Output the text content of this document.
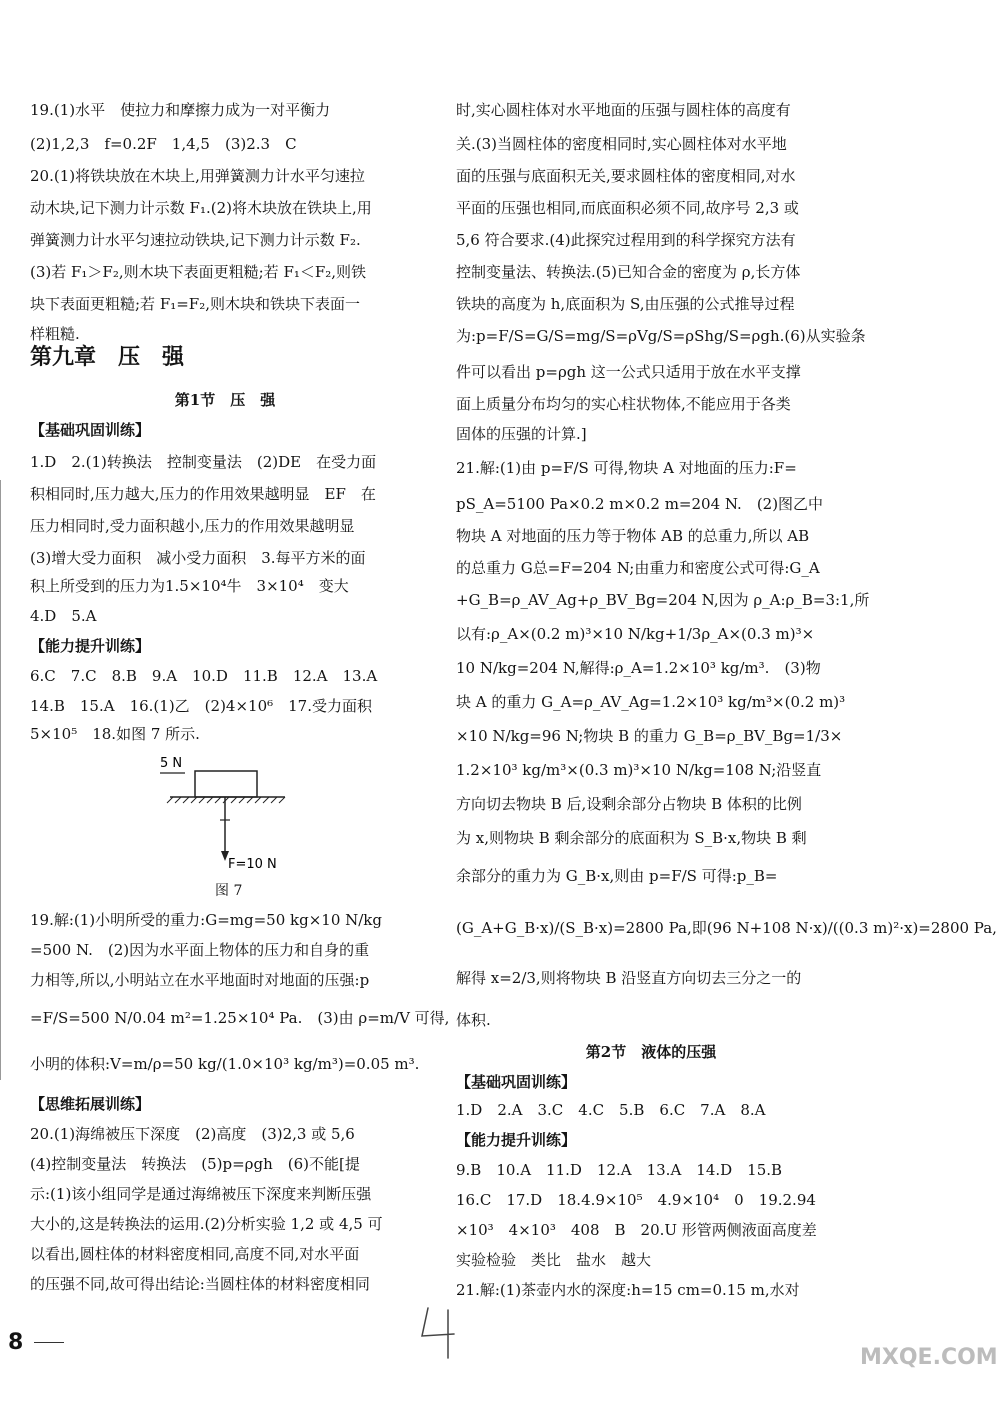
19.(1)水平　使拉力和摩擦力成为一对平衡力
(2)1,2,3　f=0.2F　1,4,5　(3)2.3　C
20.(1)将铁块放在木块上,用弹簧测力计水平匀速拉
动木块,记下测力计示数 F₁.(2)将木块放在铁块上,用
弹簧测力计水平匀速拉动铁块,记下测力计示数 F₂.
(3)若 F₁＞F₂,则木块下表面更粗糙;若 F₁＜F₂,则铁
块下表面更粗糙;若 F₁=F₂,则木块和铁块下表面一
样粗糙.
第九章　压　强
第1节　压　强
【基础巩固训练】
1.D　2.(1)转换法　控制变量法　(2)DE　在受力面
积相同时,压力越大,压力的作用效果越明显　EF　在
压力相同时,受力面积越小,压力的作用效果越明显
(3)增大受力面积　减小受力面积　3.每平方米的面
积上所受到的压力为1.5×10⁴牛　3×10⁴　变大
4.D　5.A
【能力提升训练】
6.C　7.C　8.B　9.A　10.D　11.B　12.A　13.A
14.B　15.A　16.(1)乙　(2)4×10⁶　17.受力面积
5×10⁵　18.如图 7 所示.
5 N
F=10 N
图 7
19.解:(1)小明所受的重力:G=mg=50 kg×10 N/kg
=500 N.　(2)因为水平面上物体的压力和自身的重
力相等,所以,小明站立在水平地面时对地面的压强:p
=F/S=500 N/0.04 m²=1.25×10⁴ Pa.　(3)由 ρ=m/V 可得,
小明的体积:V=m/ρ=50 kg/(1.0×10³ kg/m³)=0.05 m³.
【思维拓展训练】
20.(1)海绵被压下深度　(2)高度　(3)2,3 或 5,6
(4)控制变量法　转换法　(5)p=ρgh　(6)不能[提
示:(1)该小组同学是通过海绵被压下深度来判断压强
大小的,这是转换法的运用.(2)分析实验 1,2 或 4,5 可
以看出,圆柱体的材料密度相同,高度不同,对水平面
的压强不同,故可得出结论:当圆柱体的材料密度相同
时,实心圆柱体对水平地面的压强与圆柱体的高度有
关.(3)当圆柱体的密度相同时,实心圆柱体对水平地
面的压强与底面积无关,要求圆柱体的密度相同,对水
平面的压强也相同,而底面积必须不同,故序号 2,3 或
5,6 符合要求.(4)此探究过程用到的科学探究方法有
控制变量法、转换法.(5)已知合金的密度为 ρ,长方体
铁块的高度为 h,底面积为 S,由压强的公式推导过程
为:p=F/S=G/S=mg/S=ρVg/S=ρShg/S=ρgh.(6)从实验条
件可以看出 p=ρgh 这一公式只适用于放在水平支撑
面上质量分布均匀的实心柱状物体,不能应用于各类
固体的压强的计算.]
21.解:(1)由 p=F/S 可得,物块 A 对地面的压力:F=
pS_A=5100 Pa×0.2 m×0.2 m=204 N.　(2)图乙中
物块 A 对地面的压力等于物体 AB 的总重力,所以 AB
的总重力 G总=F=204 N;由重力和密度公式可得:G_A
+G_B=ρ_AV_Ag+ρ_BV_Bg=204 N,因为 ρ_A:ρ_B=3:1,所
以有:ρ_A×(0.2 m)³×10 N/kg+1/3ρ_A×(0.3 m)³×
10 N/kg=204 N,解得:ρ_A=1.2×10³ kg/m³.　(3)物
块 A 的重力 G_A=ρ_AV_Ag=1.2×10³ kg/m³×(0.2 m)³
×10 N/kg=96 N;物块 B 的重力 G_B=ρ_BV_Bg=1/3×
1.2×10³ kg/m³×(0.3 m)³×10 N/kg=108 N;沿竖直
方向切去物块 B 后,设剩余部分占物块 B 体积的比例
为 x,则物块 B 剩余部分的底面积为 S_B·x,物块 B 剩
余部分的重力为 G_B·x,则由 p=F/S 可得:p_B=
(G_A+G_B·x)/(S_B·x)=2800 Pa,即(96 N+108 N·x)/((0.3 m)²·x)=2800 Pa,
解得 x=2/3,则将物块 B 沿竖直方向切去三分之一的
体积.
第2节　液体的压强
【基础巩固训练】
1.D　2.A　3.C　4.C　5.B　6.C　7.A　8.A
【能力提升训练】
9.B　10.A　11.D　12.A　13.A　14.D　15.B
16.C　17.D　18.4.9×10⁵　4.9×10⁴　0　19.2.94
×10³　4×10³　408　B　20.U 形管两侧液面高度差
实验检验　类比　盐水　越大
21.解:(1)茶壶内水的深度:h=15 cm=0.15 m,水对
8
MXQE.COM
